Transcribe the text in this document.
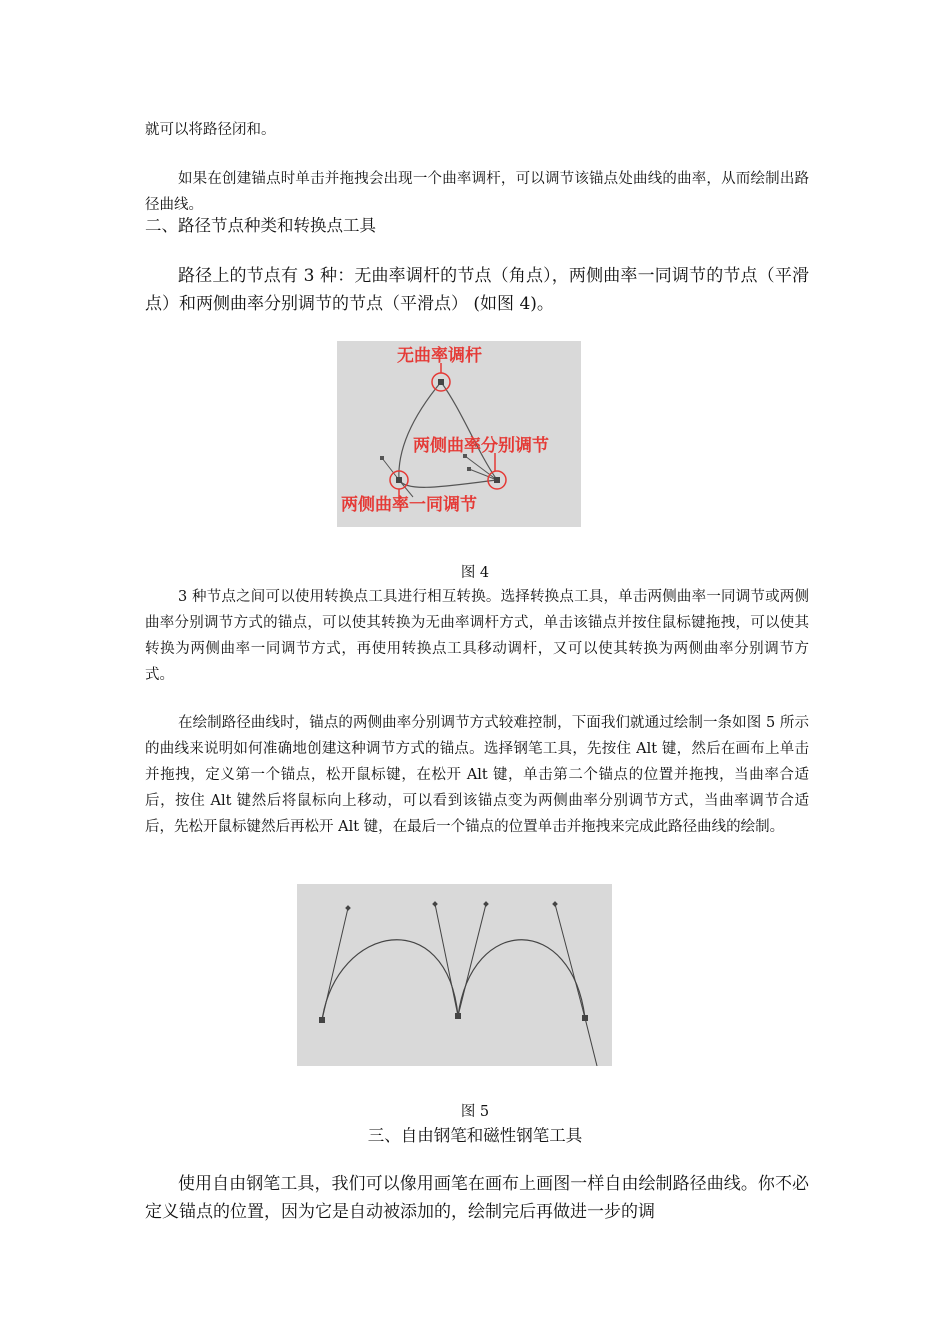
就可以将路径闭和。
如果在创建锚点时单击并拖拽会出现一个曲率调杆，可以调节该锚点处曲线的曲率，从而绘制出路径曲线。
二、路径节点种类和转换点工具
路径上的节点有 3 种：无曲率调杆的节点（角点），两侧曲率一同调节的节点（平滑点）和两侧曲率分别调节的节点（平滑点） (如图 4)。
无曲率调杆
两侧曲率分别调节
两侧曲率一同调节
图 4
3 种节点之间可以使用转换点工具进行相互转换。选择转换点工具，单击两侧曲率一同调节或两侧曲率分别调节方式的锚点，可以使其转换为无曲率调杆方式，单击该锚点并按住鼠标键拖拽，可以使其转换为两侧曲率一同调节方式，再使用转换点工具移动调杆，又可以使其转换为两侧曲率分别调节方式。
在绘制路径曲线时，锚点的两侧曲率分别调节方式较难控制，下面我们就通过绘制一条如图 5 所示的曲线来说明如何准确地创建这种调节方式的锚点。选择钢笔工具，先按住 Alt 键，然后在画布上单击并拖拽，定义第一个锚点，松开鼠标键，在松开 Alt 键，单击第二个锚点的位置并拖拽，当曲率合适后，按住 Alt 键然后将鼠标向上移动，可以看到该锚点变为两侧曲率分别调节方式，当曲率调节合适后，先松开鼠标键然后再松开 Alt 键，在最后一个锚点的位置单击并拖拽来完成此路径曲线的绘制。
图 5
三、自由钢笔和磁性钢笔工具
使用自由钢笔工具，我们可以像用画笔在画布上画图一样自由绘制路径曲线。你不必定义锚点的位置，因为它是自动被添加的，绘制完后再做进一步的调
